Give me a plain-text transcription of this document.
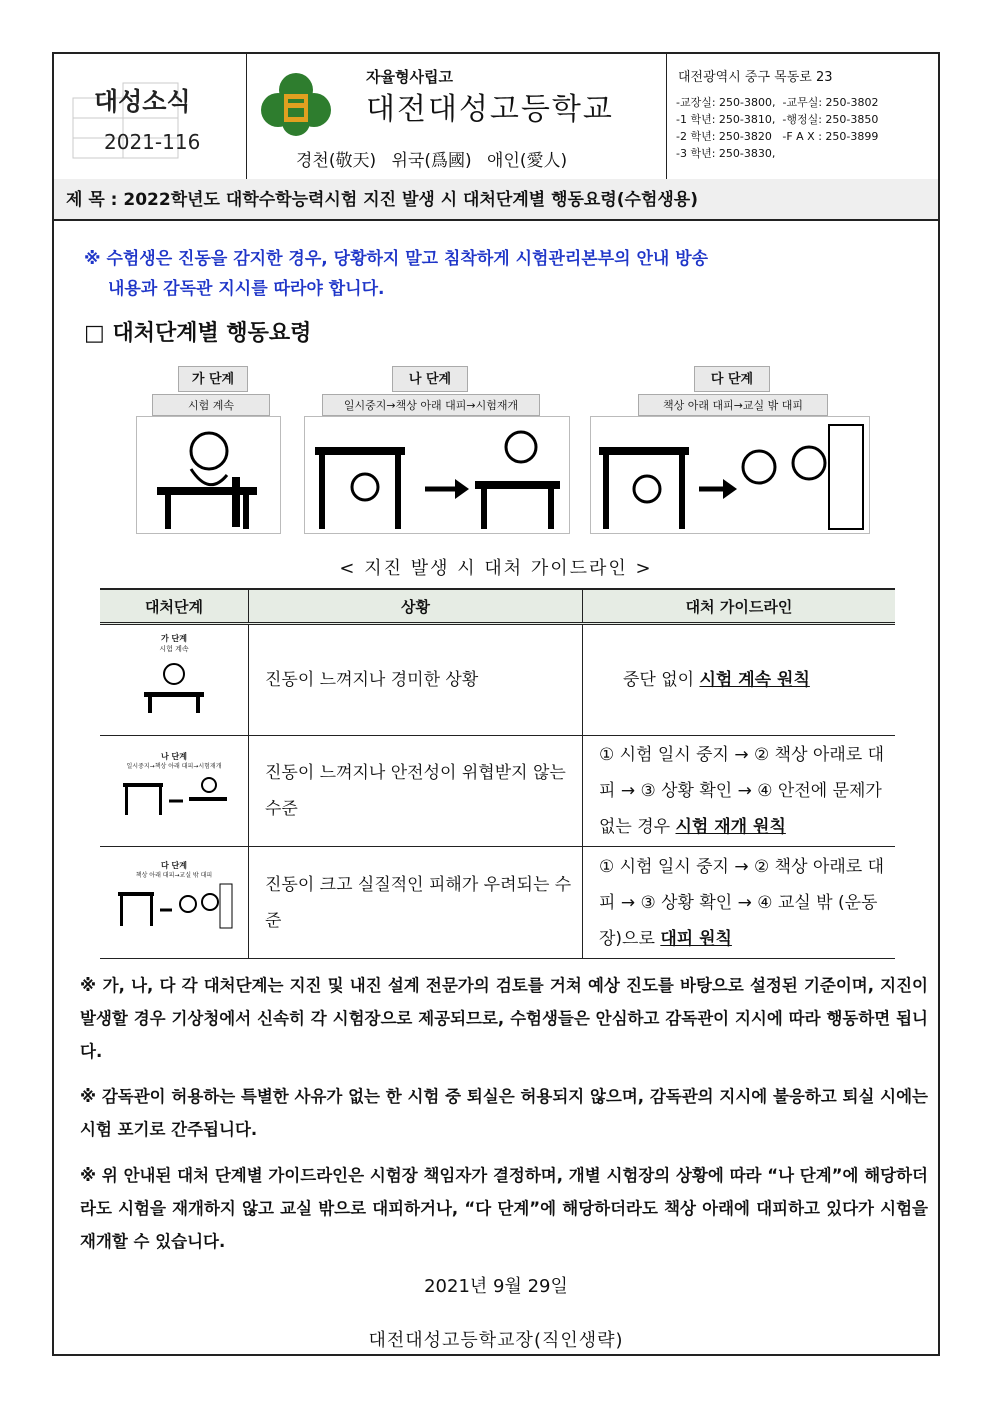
대성소식
2021-116
자율형사립고
대전대성고등학교
경천(敬天) 위국(爲國) 애인(愛人)
대전광역시 중구 목동로 23
-교장실: 250-3800,  -교무실: 250-3802
-1 학년: 250-3810,  -행정실: 250-3850
-2 학년: 250-3820   -F A X : 250-3899
-3 학년: 250-3830,
제 목 : 2022학년도 대학수학능력시험 지진 발생 시 대처단계별 행동요령(수험생용)
※ 수험생은 진동을 감지한 경우, 당황하지 말고 침착하게 시험관리본부의 안내 방송
내용과 감독관 지시를 따라야 합니다.
□ 대처단계별 행동요령
가 단계
시험 계속
나 단계
일시중지→책상 아래 대피→시험재개
다 단계
책상 아래 대피→교실 밖 대피
< 지진 발생 시 대처 가이드라인 >
대처단계	상황	대처 가이드라인

가 단계
시험 계속	진동이 느껴지나 경미한 상황	중단 없이 시험 계속 원칙

나 단계
일시중지→책상 아래 대피→시험재개	진동이 느껴지나 안전성이 위협받지 않는 수준	① 시험 일시 중지 → ② 책상 아래로 대피 → ③ 상황 확인 → ④ 안전에 문제가 없는 경우 시험 재개 원칙

다 단계
책상 아래 대피→교실 밖 대피	진동이 크고 실질적인 피해가 우려되는 수준	① 시험 일시 중지 → ② 책상 아래로 대피 → ③ 상황 확인 → ④ 교실 밖 (운동장)으로 대피 원칙
※ 가, 나, 다 각 대처단계는 지진 및 내진 설계 전문가의 검토를 거쳐 예상 진도를 바탕으로 설정된 기준이며, 지진이 발생할 경우 기상청에서 신속히 각 시험장으로 제공되므로, 수험생들은 안심하고 감독관이 지시에 따라 행동하면 됩니다.
※ 감독관이 허용하는 특별한 사유가 없는 한 시험 중 퇴실은 허용되지 않으며, 감독관의 지시에 불응하고 퇴실 시에는 시험 포기로 간주됩니다.
※ 위 안내된 대처 단계별 가이드라인은 시험장 책임자가 결정하며, 개별 시험장의 상황에 따라 “나 단계”에 해당하더라도 시험을 재개하지 않고 교실 밖으로 대피하거나, “다 단계”에 해당하더라도 책상 아래에 대피하고 있다가 시험을 재개할 수 있습니다.
2021년 9월 29일
대전대성고등학교장(직인생략)
